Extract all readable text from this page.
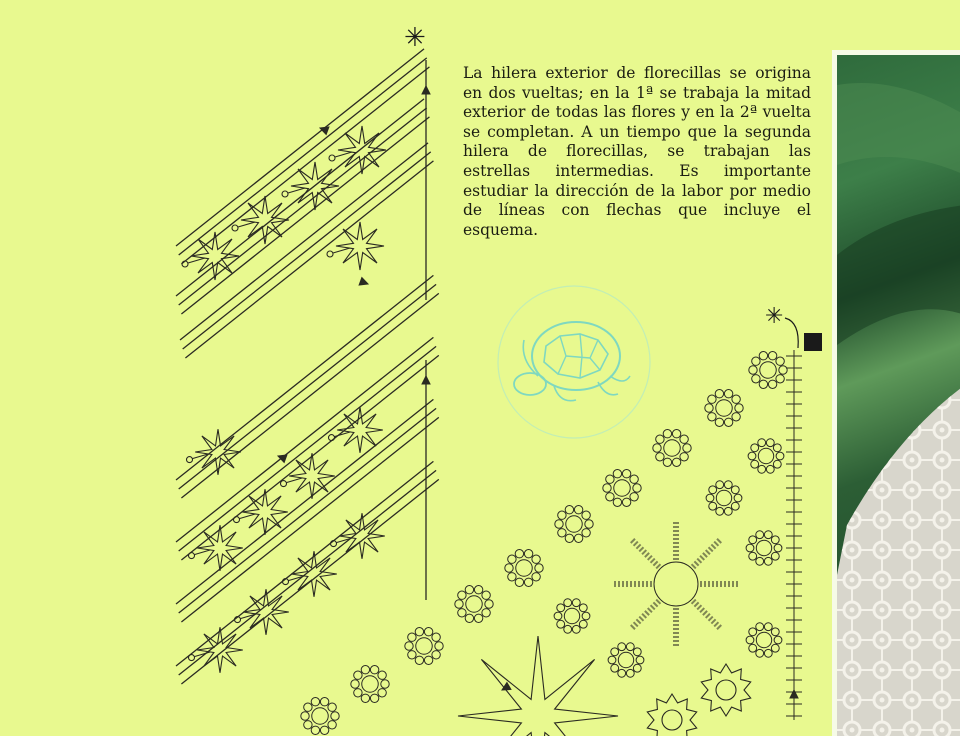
✳
✳

La hilera exterior de florecillas se origina en dos vueltas; en la 1ª se trabaja la mitad exterior de todas las flores y en la 2ª vuelta se completan. A un tiempo que la segunda hilera de florecillas, se trabajan las estrellas intermedias. Es importante estudiar la dirección de la labor por medio de líneas con flechas que incluye el esquema.
